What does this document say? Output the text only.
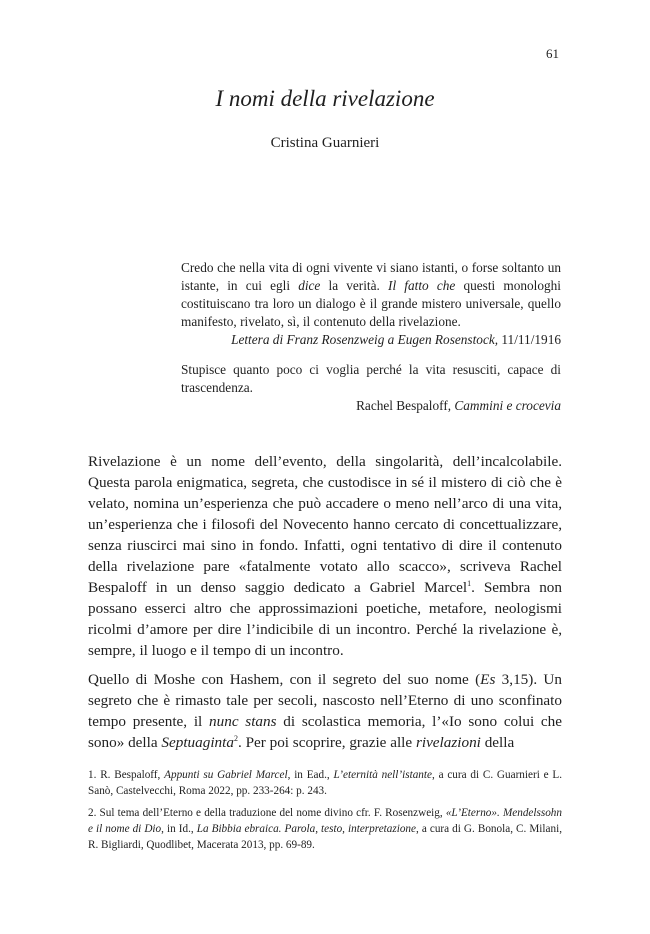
61
I nomi della rivelazione
Cristina Guarnieri

Credo che nella vita di ogni vivente vi siano istanti, o forse soltanto un istante, in cui egli dice la verità. Il fatto che questi monologhi costituiscano tra loro un dialogo è il grande mistero universale, quello manifesto, rivelato, sì, il contenuto della rivelazione.

Lettera di Franz Rosenzweig a Eugen Rosenstock, 11/11/1916

Stupisce quanto poco ci voglia perché la vita resusciti, capace di trascendenza.

Rachel Bespaloff, Cammini e crocevia

Rivelazione è un nome dell’evento, della singolarità, dell’incalcolabile. Questa parola enigmatica, segreta, che custodisce in sé il mistero di ciò che è velato, nomina un’esperienza che può accadere o meno nell’arco di una vita, un’esperienza che i filosofi del Novecento hanno cercato di concettualizzare, senza riuscirci mai sino in fondo. Infatti, ogni tentativo di dire il contenuto della rivelazione pare «fatalmente votato allo scacco», scriveva Rachel Bespaloff in un denso saggio dedicato a Gabriel Marcel$^1$. Sembra non possano esserci altro che approssimazioni poetiche, metafore, neologismi ricolmi d’amore per dire l’indicibile di un incontro. Perché la rivelazione è, sempre, il luogo e il tempo di un incontro.

Quello di Moshe con Hashem, con il segreto del suo nome (Es 3,15). Un segreto che è rimasto tale per secoli, nascosto nell’Eterno di uno sconfinato tempo presente, il nunc stans di scolastica memoria, l’«Io sono colui che sono» della Septuaginta$^2$. Per poi scoprire, grazie alle rivelazioni della

1. R. Bespaloff, Appunti su Gabriel Marcel, in Ead., L’eternità nell’istante, a cura di C. Guarnieri e L. Sanò, Castelvecchi, Roma 2022, pp. 233-264: p. 243.
2. Sul tema dell’Eterno e della traduzione del nome divino cfr. F. Rosenzweig, «L’Eterno». Mendelssohn e il nome di Dio, in Id., La Bibbia ebraica. Parola, testo, interpretazione, a cura di G. Bonola, C. Milani, R. Bigliardi, Quodlibet, Macerata 2013, pp. 69-89.
